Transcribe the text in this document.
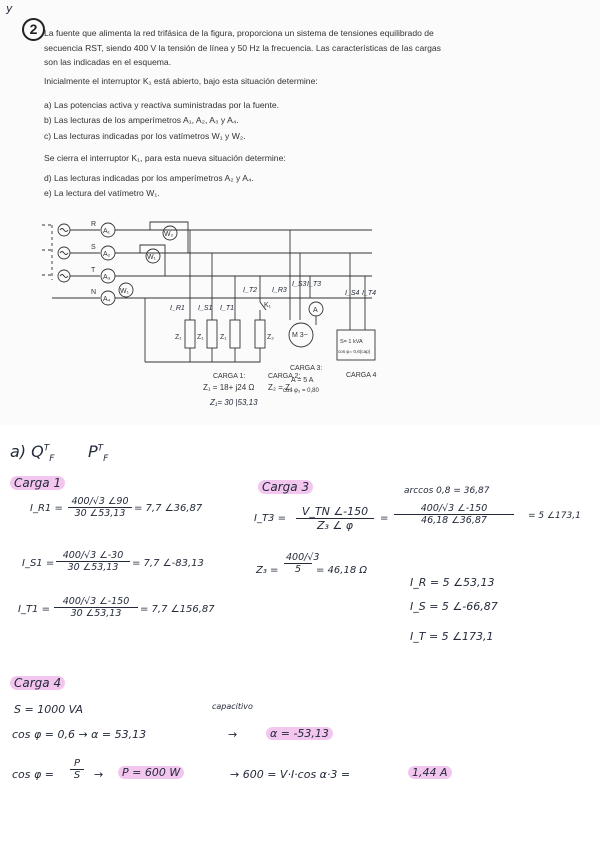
y
2 La fuente que alimenta la red trifásica de la figura, proporciona un sistema de tensiones equilibrado de
secuencia RST, siendo 400 V la tensión de línea y 50 Hz la frecuencia. Las características de las cargas
son las indicadas en el esquema.
Inicialmente el interruptor K₁ está abierto, bajo esta situación determine:
a) Las potencias activa y reactiva suministradas por la fuente.
b) Las lecturas de los amperímetros A₁, A₂, A₃ y A₄.
c) Las lecturas indicadas por los vatímetros W₁ y W₂.
Se cierra el interruptor K₁, para esta nueva situación determine:
d) Las lecturas indicadas por los amperímetros A₂ y A₄.
e) La lectura del vatímetro W₁.
R
S
T
N
A₁
A₂
A₃
A₄
W₂
W₁
W₁
K₁
Z₁ Z₁ Z₁	Z₂
I_R1 I_S1 I_T1
I_T2 I_R3
I_S3 I_T3
I_S4 I_T4
A
M 3~
S= 1 kVA
cos φ= 0,6(cap)
CARGA 1:
Z₁ = 18+ j24 Ω
CARGA 2:
Z₂ = Z₁
CARGA 3:
A = 5 A
cos φ₃ = 0,80
CARGA 4
Z₁= 30 |53,13
a) $Q^T_F$ $P^T_F$
Carga 1
I_R1 = $\frac{400/√3 \angle 90}{30 \angle 53,13} = 7,7$ ∠36,87
I_S1 = $\frac{400/√3 \angle-30}{30 \angle 53,13} = 7,7$ ∠-83,13
I_T1 = $\frac{400/√3 \angle-150}{30 \angle 53,13} = 7,7$ ∠156,87
Carga 3	arccos 0,8 = 36,87
I_T3 = $\frac{V\_TN \angle-150}{\text{Z₃ ∠ φ}} = \frac{400/√3 \angle-150}{46,18 \angle 36,87} = 5$ ∠173,1
$Z_3 = \frac{400/√3}{5} = 46,18$ Ω
I_R = 5 ∠53,13
I_S = 5 ∠-66,87
I_T = 5 ∠173,1
Carga 4
S = 1000 VA	capacitivo
cos φ = 0,6 → α = 53,13	→	α = -53,13
$\cos \varphi = \frac{P}{S}$ →	P = 600 W	→ 600 = V·I·cos α·3 =	1,44 A
